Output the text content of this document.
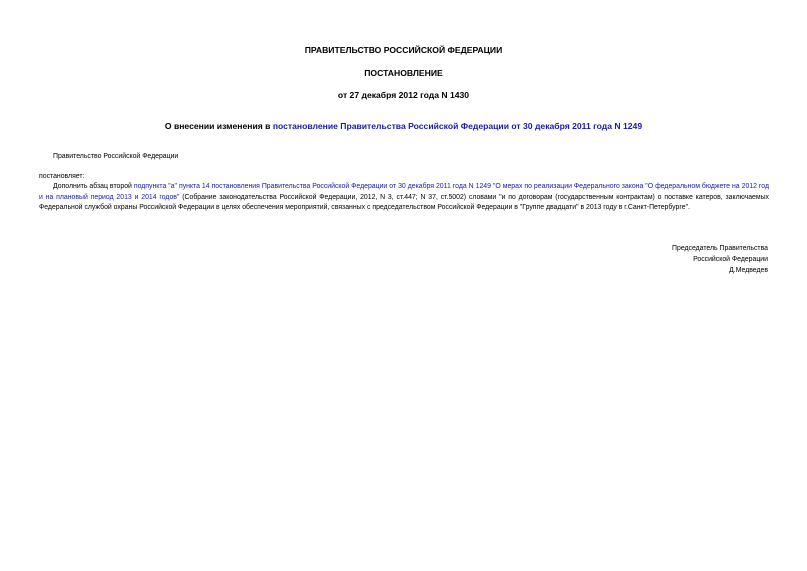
ПРАВИТЕЛЬСТВО РОССИЙСКОЙ ФЕДЕРАЦИИ
ПОСТАНОВЛЕНИЕ
от 27 декабря 2012 года N 1430
О внесении изменения в постановление Правительства Российской Федерации от 30 декабря 2011 года N 1249
Правительство Российской Федерации
постановляет:
Дополнить абзац второй подпункта "а" пункта 14 постановления Правительства Российской Федерации от 30 декабря 2011 года N 1249 "О мерах по реализации Федерального закона "О федеральном бюджете на 2012 год и на плановый период 2013 и 2014 годов" (Собрание законодательства Российской Федерации, 2012, N 3, ст.447; N 37, ст.5002) словами "и по договорам (государственным контрактам) о поставке катеров, заключаемых Федеральной службой охраны Российской Федерации в целях обеспечения мероприятий, связанных с председательством Российской Федерации в "Группе двадцати" в 2013 году в г.Санкт-Петербурге".
Председатель Правительства
Российской Федерации
Д.Медведев
